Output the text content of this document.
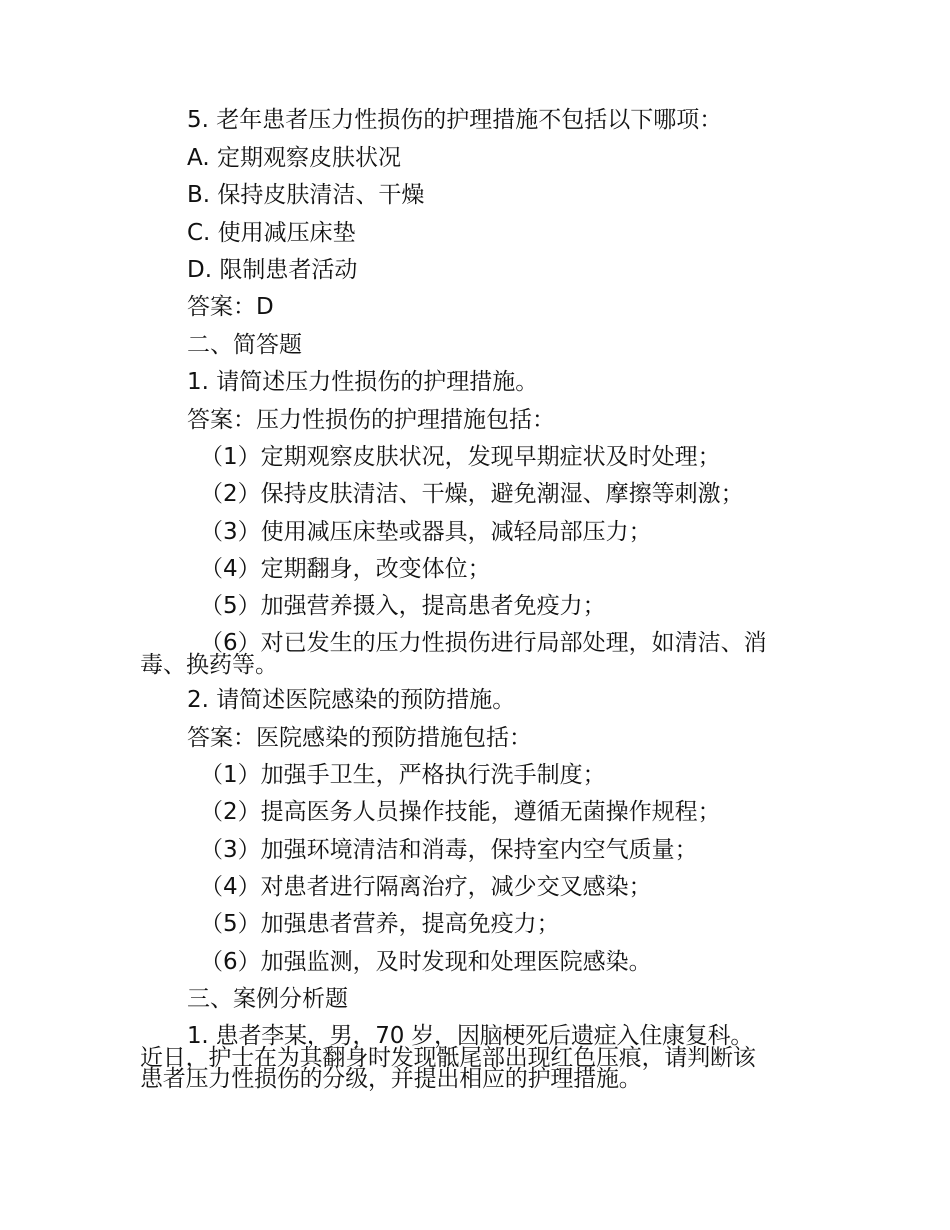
5. 老年患者压力性损伤的护理措施不包括以下哪项：
A. 定期观察皮肤状况
B. 保持皮肤清洁、干燥
C. 使用减压床垫
D. 限制患者活动
答案：D
二、简答题
1. 请简述压力性损伤的护理措施。
答案：压力性损伤的护理措施包括：
（1）定期观察皮肤状况，发现早期症状及时处理；
（2）保持皮肤清洁、干燥，避免潮湿、摩擦等刺激；
（3）使用减压床垫或器具，减轻局部压力；
（4）定期翻身，改变体位；
（5）加强营养摄入，提高患者免疫力；
（6）对已发生的压力性损伤进行局部处理，如清洁、消
毒、换药等。
2. 请简述医院感染的预防措施。
答案：医院感染的预防措施包括：
（1）加强手卫生，严格执行洗手制度；
（2）提高医务人员操作技能，遵循无菌操作规程；
（3）加强环境清洁和消毒，保持室内空气质量；
（4）对患者进行隔离治疗，减少交叉感染；
（5）加强患者营养，提高免疫力；
（6）加强监测，及时发现和处理医院感染。
三、案例分析题
1. 患者李某，男，70 岁，因脑梗死后遗症入住康复科。
近日，护士在为其翻身时发现骶尾部出现红色压痕，请判断该
患者压力性损伤的分级，并提出相应的护理措施。
